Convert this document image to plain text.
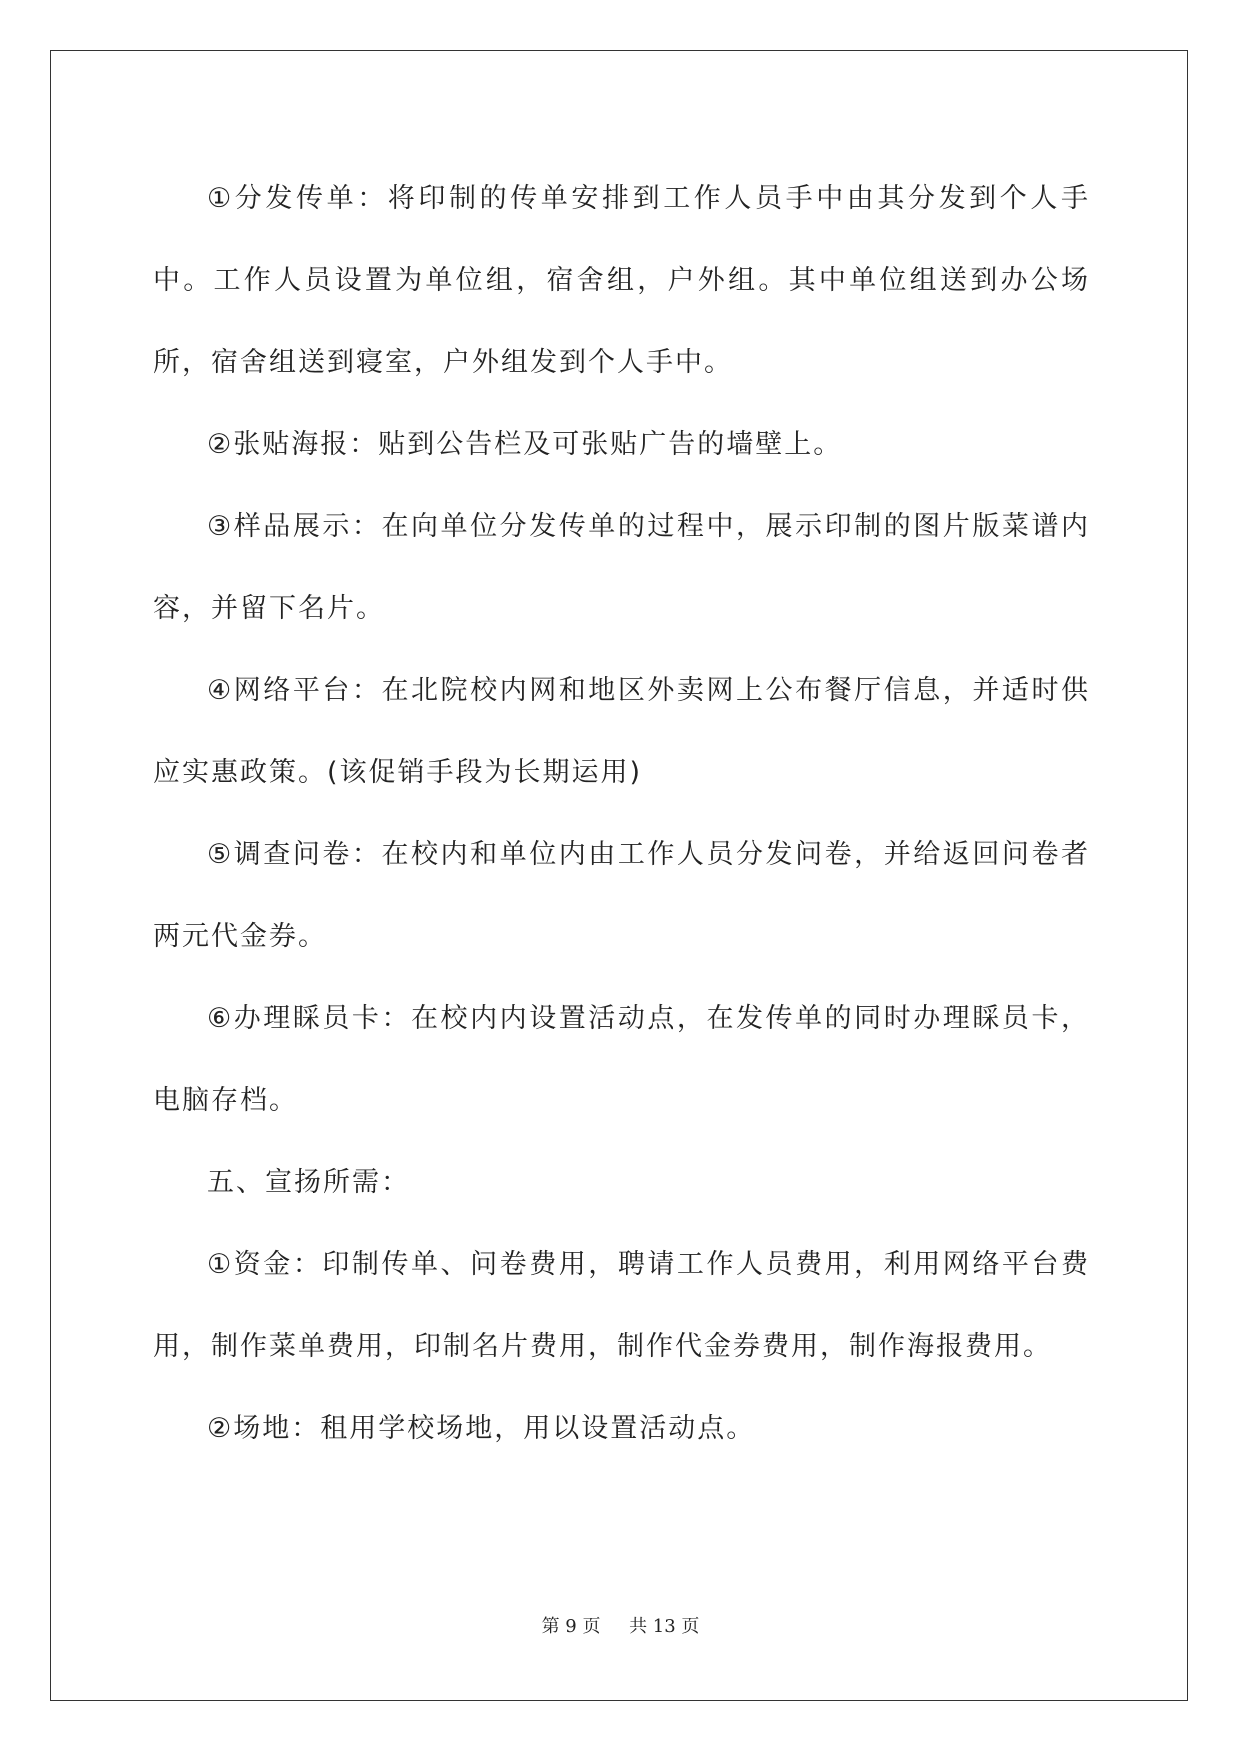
①分发传单：将印制的传单安排到工作人员手中由其分发到个人手中。工作人员设置为单位组，宿舍组，户外组。其中单位组送到办公场所，宿舍组送到寝室，户外组发到个人手中。

②张贴海报：贴到公告栏及可张贴广告的墙壁上。

③样品展示：在向单位分发传单的过程中，展示印制的图片版菜谱内容，并留下名片。

④网络平台：在北院校内网和地区外卖网上公布餐厅信息，并适时供应实惠政策。(该促销手段为长期运用)

⑤调查问卷：在校内和单位内由工作人员分发问卷，并给返回问卷者两元代金券。

⑥办理睬员卡：在校内内设置活动点，在发传单的同时办理睬员卡，电脑存档。

五、宣扬所需：

①资金：印制传单、问卷费用，聘请工作人员费用，利用网络平台费用，制作菜单费用，印制名片费用，制作代金券费用，制作海报费用。

②场地：租用学校场地，用以设置活动点。

第 9 页 共 13 页
